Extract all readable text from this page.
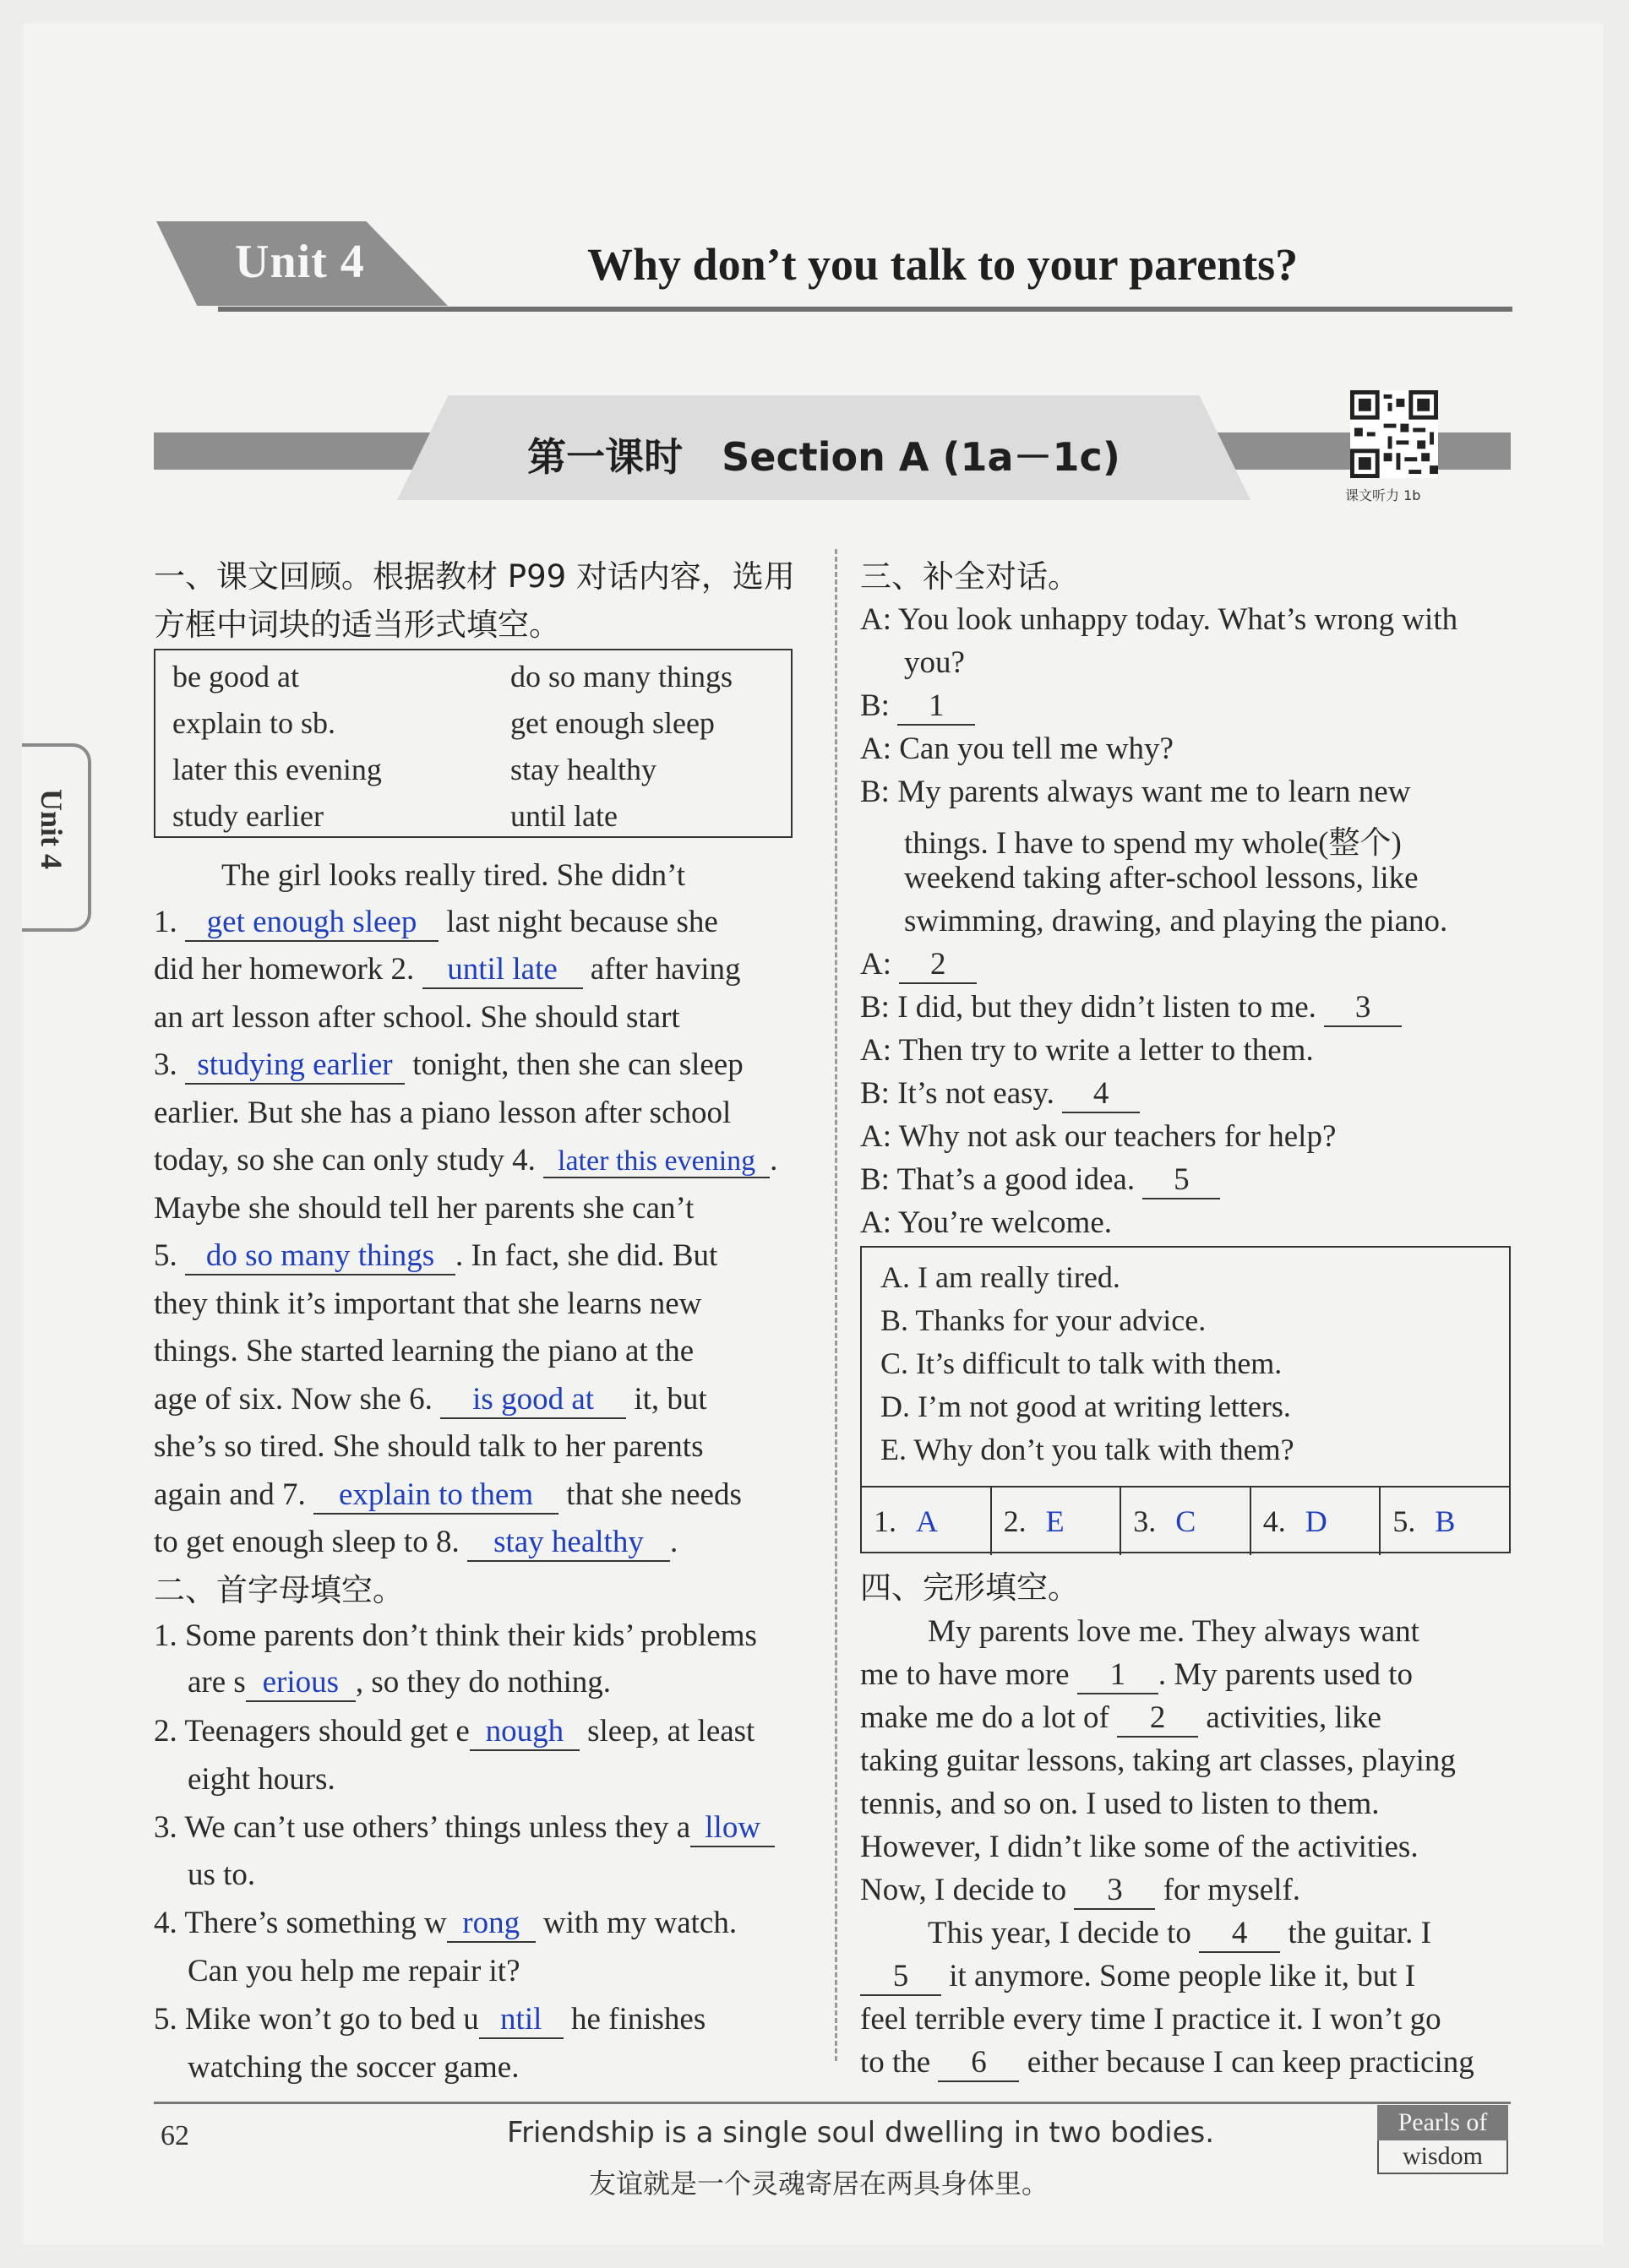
Unit 4	Why don’t you talk to your parents?
第一课时　Section A (1a－1c)
课文听力 1b
Unit 4
一、课文回顾。根据教材 P99 对话内容，选用
方框中词块的适当形式填空。
be good at	do so many things
explain to sb.	get enough sleep
later this evening	stay healthy
study earlier	until late
The girl looks really tired. She didn’t
1. get enough sleep last night because she
did her homework 2. until late after having
an art lesson after school. She should start
3. studying earlier tonight, then she can sleep
earlier. But she has a piano lesson after school
today, so she can only study 4. later this evening .
Maybe she should tell her parents she can’t
5. do so many things . In fact, she did. But
they think it’s important that she learns new
things. She started learning the piano at the
age of six. Now she 6. is good at it, but
she’s so tired. She should talk to her parents
again and 7. explain to them that she needs
to get enough sleep to 8. stay healthy .
二、首字母填空。
1. Some parents don’t think their kids’ problems
are s erious , so they do nothing.
2. Teenagers should get e nough sleep, at least
eight hours.
3. We can’t use others’ things unless they a llow
us to.
4. There’s something w rong with my watch.
Can you help me repair it?
5. Mike won’t go to bed u ntil he finishes
watching the soccer game.
三、补全对话。
A: You look unhappy today. What’s wrong with
you?
B: 1
A: Can you tell me why?
B: My parents always want me to learn new
things. I have to spend my whole(整个)
weekend taking after-school lessons, like
swimming, drawing, and playing the piano.
A: 2
B: I did, but they didn’t listen to me. 3
A: Then try to write a letter to them.
B: It’s not easy. 4
A: Why not ask our teachers for help?
B: That’s a good idea. 5
A: You’re welcome.
A. I am really tired.
B. Thanks for your advice.
C. It’s difficult to talk with them.
D. I’m not good at writing letters.
E. Why don’t you talk with them?
1. A	2. E	3. C	4. D	5. B
四、完形填空。
My parents love me. They always want
me to have more 1 . My parents used to
make me do a lot of 2 activities, like
taking guitar lessons, taking art classes, playing
tennis, and so on. I used to listen to them.
However, I didn’t like some of the activities.
Now, I decide to 3 for myself.
This year, I decide to 4 the guitar. I
5 it anymore. Some people like it, but I
feel terrible every time I practice it. I won’t go
to the 6 either because I can keep practicing
62	Friendship is a single soul dwelling in two bodies.
友谊就是一个灵魂寄居在两具身体里。
Pearls of
wisdom
